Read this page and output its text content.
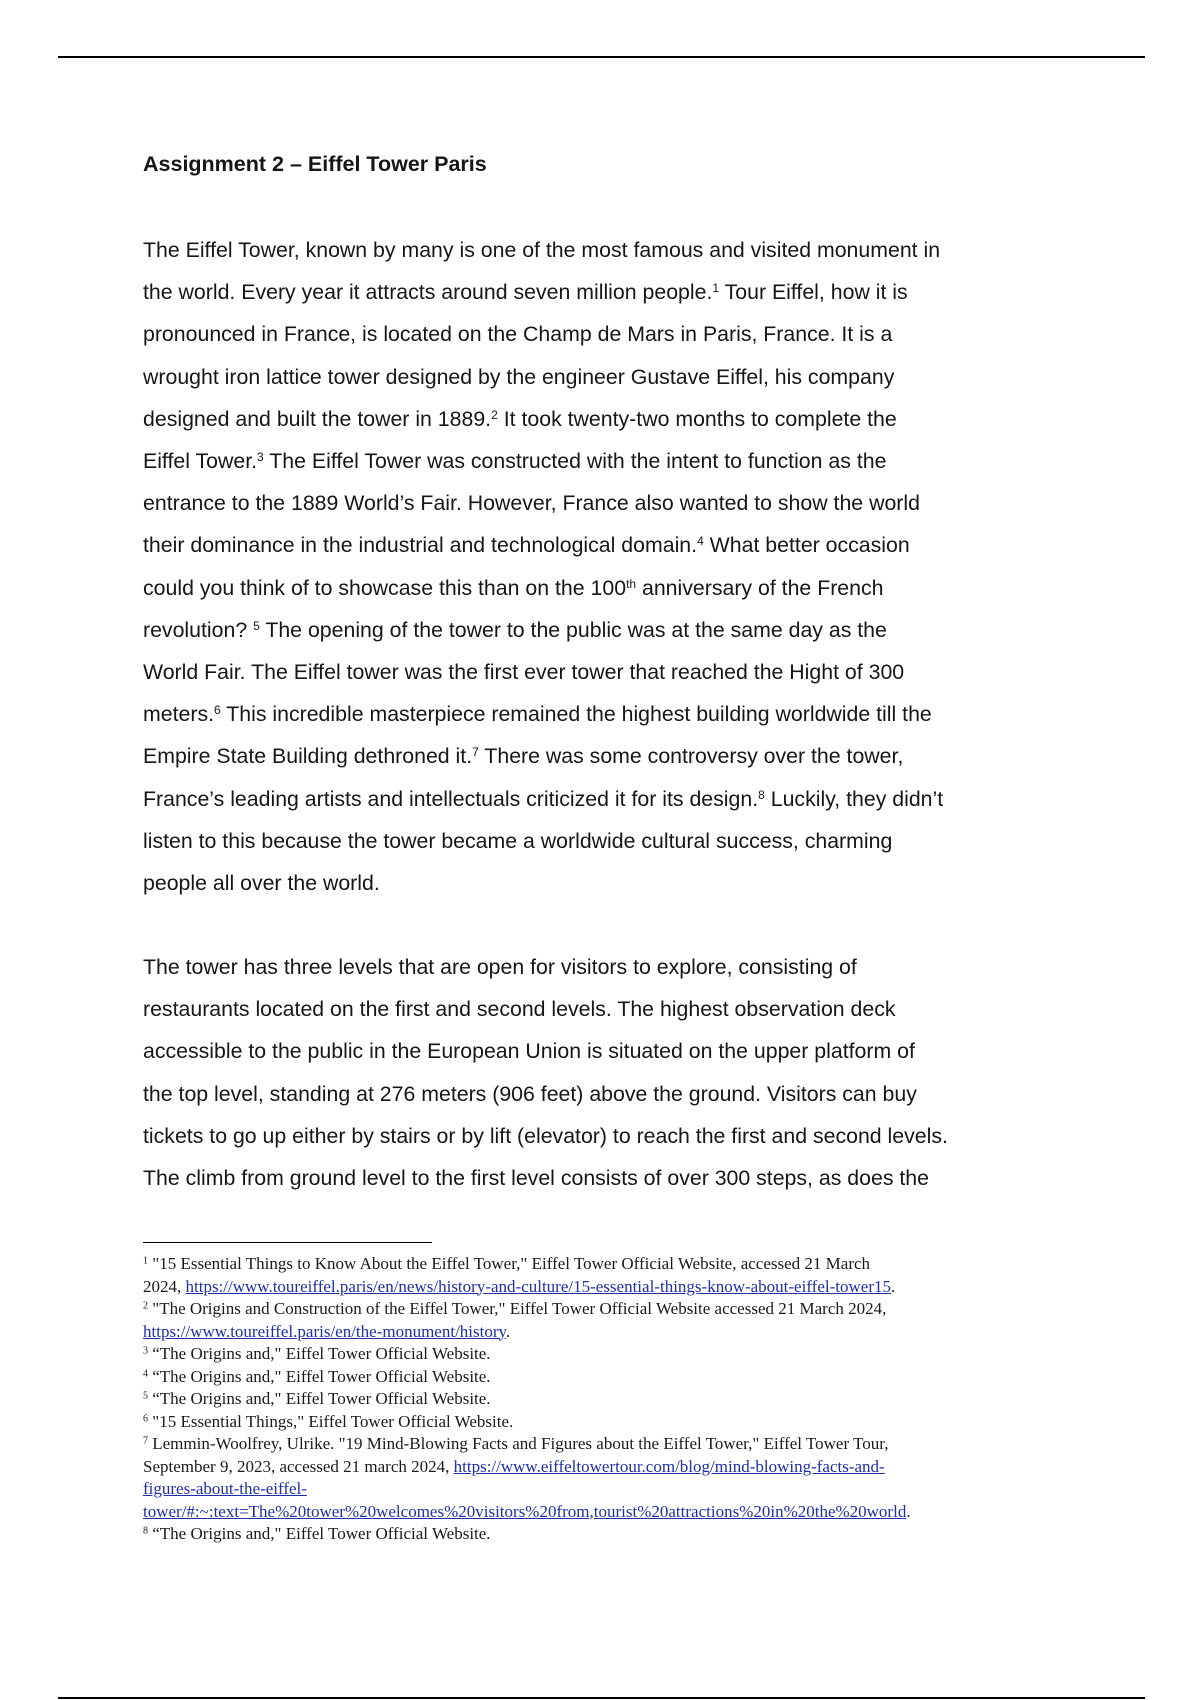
Assignment 2 – Eiffel Tower Paris
The Eiffel Tower, known by many is one of the most famous and visited monument in
the world. Every year it attracts around seven million people.$^1$ Tour Eiffel, how it is
pronounced in France, is located on the Champ de Mars in Paris, France. It is a
wrought iron lattice tower designed by the engineer Gustave Eiffel, his company
designed and built the tower in 1889.$^2$ It took twenty-two months to complete the
Eiffel Tower.$^3$ The Eiffel Tower was constructed with the intent to function as the
entrance to the 1889 World’s Fair. However, France also wanted to show the world
their dominance in the industrial and technological domain.$^4$ What better occasion
could you think of to showcase this than on the 100th anniversary of the French
revolution? $^5$ The opening of the tower to the public was at the same day as the
World Fair. The Eiffel tower was the first ever tower that reached the Hight of 300
meters.$^6$ This incredible masterpiece remained the highest building worldwide till the
Empire State Building dethroned it.$^7$ There was some controversy over the tower,
France’s leading artists and intellectuals criticized it for its design.$^8$ Luckily, they didn’t
listen to this because the tower became a worldwide cultural success, charming
people all over the world.
The tower has three levels that are open for visitors to explore, consisting of
restaurants located on the first and second levels. The highest observation deck
accessible to the public in the European Union is situated on the upper platform of
the top level, standing at 276 meters (906 feet) above the ground. Visitors can buy
tickets to go up either by stairs or by lift (elevator) to reach the first and second levels.
The climb from ground level to the first level consists of over 300 steps, as does the
$^1$ "15 Essential Things to Know About the Eiffel Tower," Eiffel Tower Official Website, accessed 21 March
2024, https://www.toureiffel.paris/en/news/history-and-culture/15-essential-things-know-about-eiffel-tower15.
$^2$ "The Origins and Construction of the Eiffel Tower," Eiffel Tower Official Website accessed 21 March 2024,
https://www.toureiffel.paris/en/the-monument/history.
$^3$ “The Origins and," Eiffel Tower Official Website.
$^4$ “The Origins and," Eiffel Tower Official Website.
$^5$ “The Origins and," Eiffel Tower Official Website.
$^6$ "15 Essential Things," Eiffel Tower Official Website.
$^7$ Lemmin-Woolfrey, Ulrike. "19 Mind-Blowing Facts and Figures about the Eiffel Tower," Eiffel Tower Tour,
September 9, 2023, accessed 21 march 2024, https://www.eiffeltowertour.com/blog/mind-blowing-facts-and-
figures-about-the-eiffel-
tower/#:~:text=The%20tower%20welcomes%20visitors%20from,tourist%20attractions%20in%20the%20world.
$^8$ “The Origins and," Eiffel Tower Official Website.
